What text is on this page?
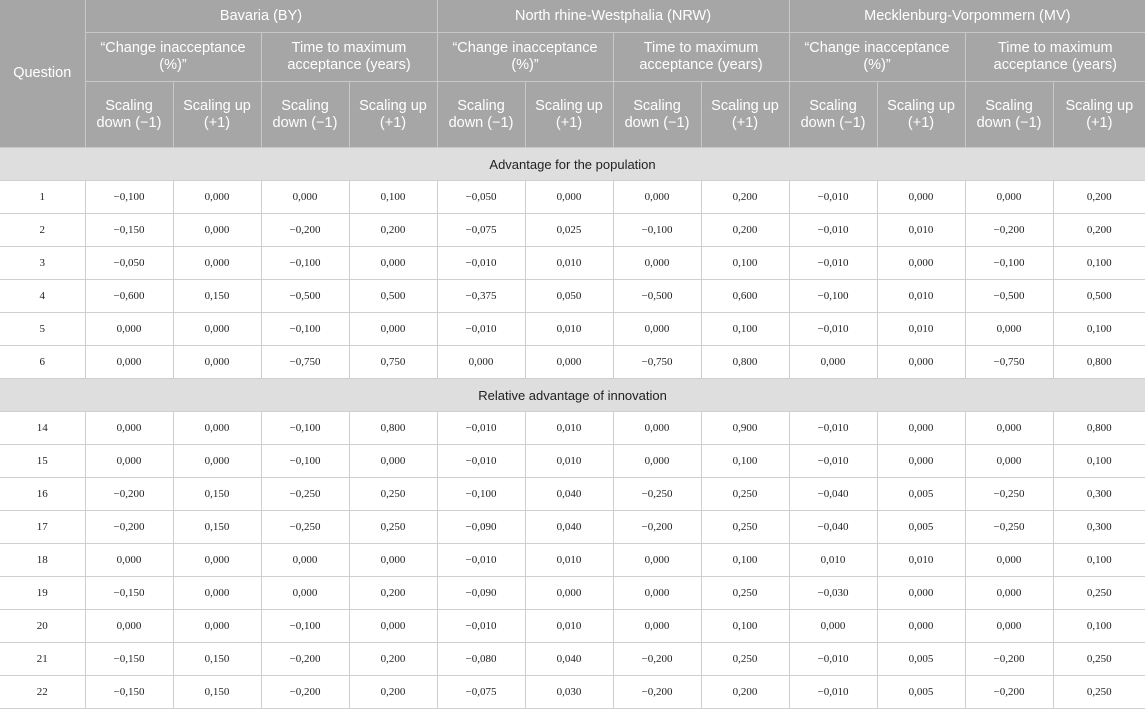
Question	Bavaria (BY)				North rhine-Westphalia (NRW)				Mecklenburg-Vorpommern (MV)			
	“Change inacceptance (%)”		Time to maximum acceptance (years)		“Change inacceptance (%)”		Time to maximum acceptance (years)		“Change inacceptance (%)”		Time to maximum acceptance (years)	
	Scaling down (−1)	Scaling up (+1)	Scaling down (−1)	Scaling up (+1)	Scaling down (−1)	Scaling up (+1)	Scaling down (−1)	Scaling up (+1)	Scaling down (−1)	Scaling up (+1)	Scaling down (−1)	Scaling up (+1)
Advantage for the population												
1	−0,100	0,000	0,000	0,100	−0,050	0,000	0,000	0,200	−0,010	0,000	0,000	0,200
2	−0,150	0,000	−0,200	0,200	−0,075	0,025	−0,100	0,200	−0,010	0,010	−0,200	0,200
3	−0,050	0,000	−0,100	0,000	−0,010	0,010	0,000	0,100	−0,010	0,000	−0,100	0,100
4	−0,600	0,150	−0,500	0,500	−0,375	0,050	−0,500	0,600	−0,100	0,010	−0,500	0,500
5	0,000	0,000	−0,100	0,000	−0,010	0,010	0,000	0,100	−0,010	0,010	0,000	0,100
6	0,000	0,000	−0,750	0,750	0,000	0,000	−0,750	0,800	0,000	0,000	−0,750	0,800
Relative advantage of innovation												
14	0,000	0,000	−0,100	0,800	−0,010	0,010	0,000	0,900	−0,010	0,000	0,000	0,800
15	0,000	0,000	−0,100	0,000	−0,010	0,010	0,000	0,100	−0,010	0,000	0,000	0,100
16	−0,200	0,150	−0,250	0,250	−0,100	0,040	−0,250	0,250	−0,040	0,005	−0,250	0,300
17	−0,200	0,150	−0,250	0,250	−0,090	0,040	−0,200	0,250	−0,040	0,005	−0,250	0,300
18	0,000	0,000	0,000	0,000	−0,010	0,010	0,000	0,100	0,010	0,010	0,000	0,100
19	−0,150	0,000	0,000	0,200	−0,090	0,000	0,000	0,250	−0,030	0,000	0,000	0,250
20	0,000	0,000	−0,100	0,000	−0,010	0,010	0,000	0,100	0,000	0,000	0,000	0,100
21	−0,150	0,150	−0,200	0,200	−0,080	0,040	−0,200	0,250	−0,010	0,005	−0,200	0,250
22	−0,150	0,150	−0,200	0,200	−0,075	0,030	−0,200	0,200	−0,010	0,005	−0,200	0,250
